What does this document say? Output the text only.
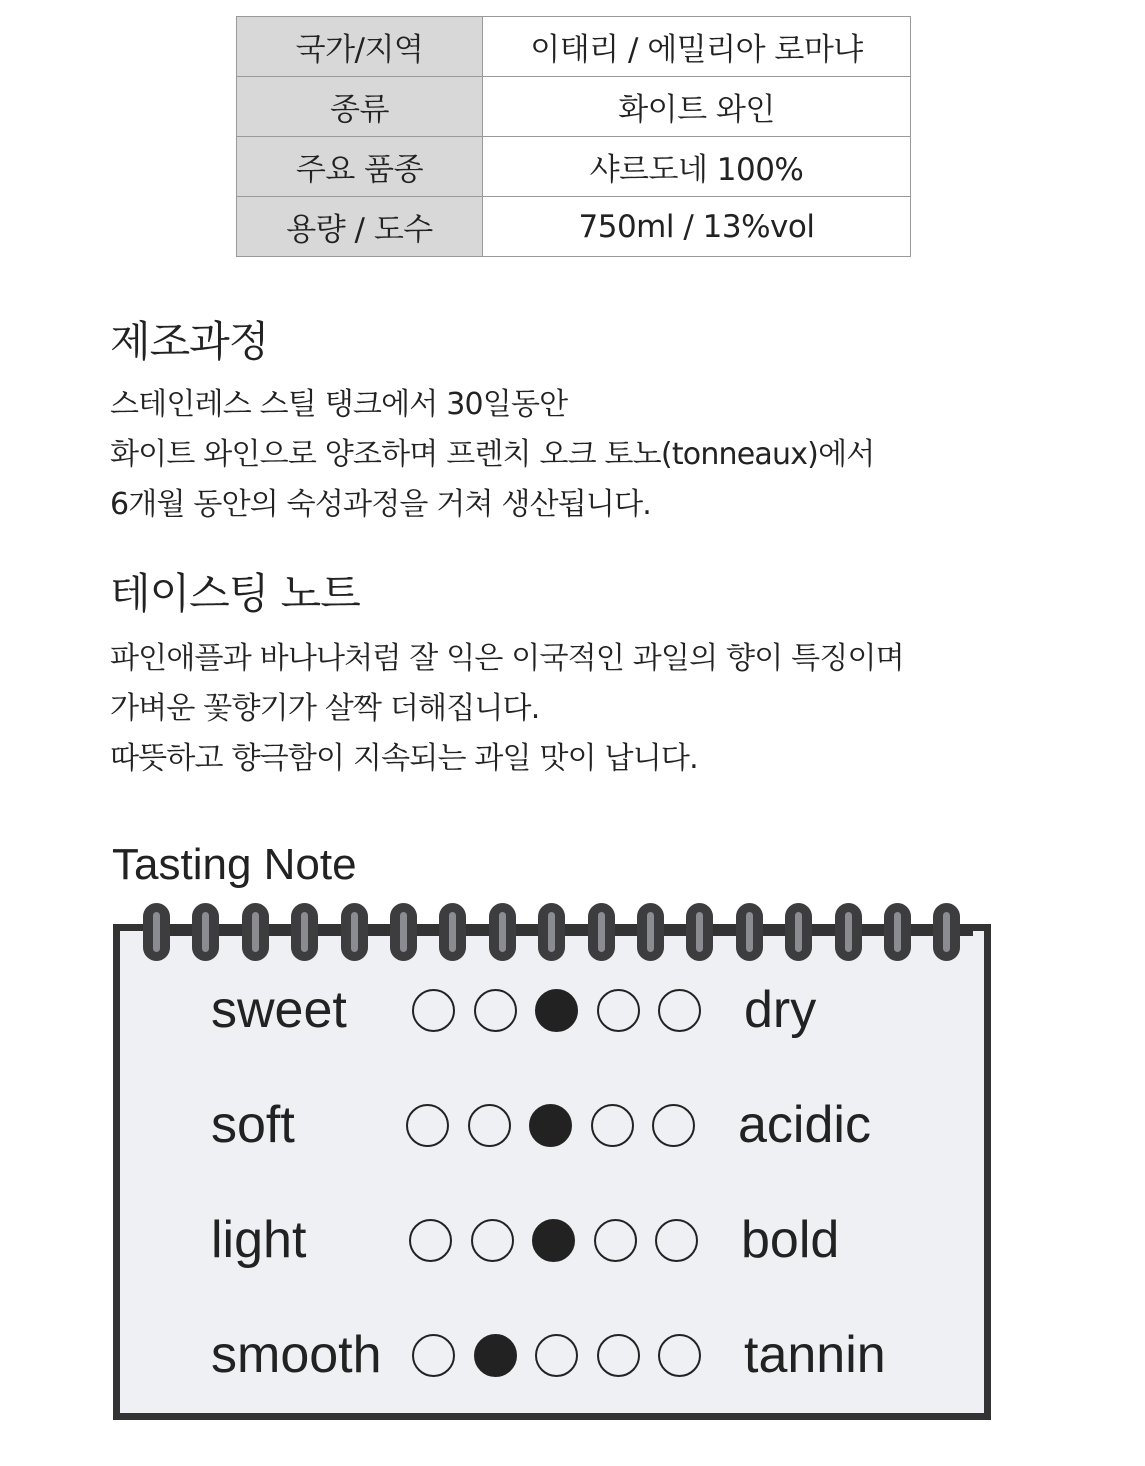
국가/지역	이태리 / 에밀리아 로마냐
종류	화이트 와인
주요 품종	샤르도네 100%
용량 / 도수	750ml / 13%vol
제조과정

스테인레스 스틸 탱크에서 30일동안
화이트 와인으로 양조하며 프렌치 오크 토노(tonneaux)에서
6개월 동안의 숙성과정을 거쳐 생산됩니다.

테이스팅 노트

파인애플과 바나나처럼 잘 익은 이국적인 과일의 향이 특징이며
가벼운 꽃향기가 살짝 더해집니다.
따뜻하고 향극함이 지속되는 과일 맛이 납니다.

Tasting Note
sweet	dry
soft	acidic
light	bold
smooth	tannin
